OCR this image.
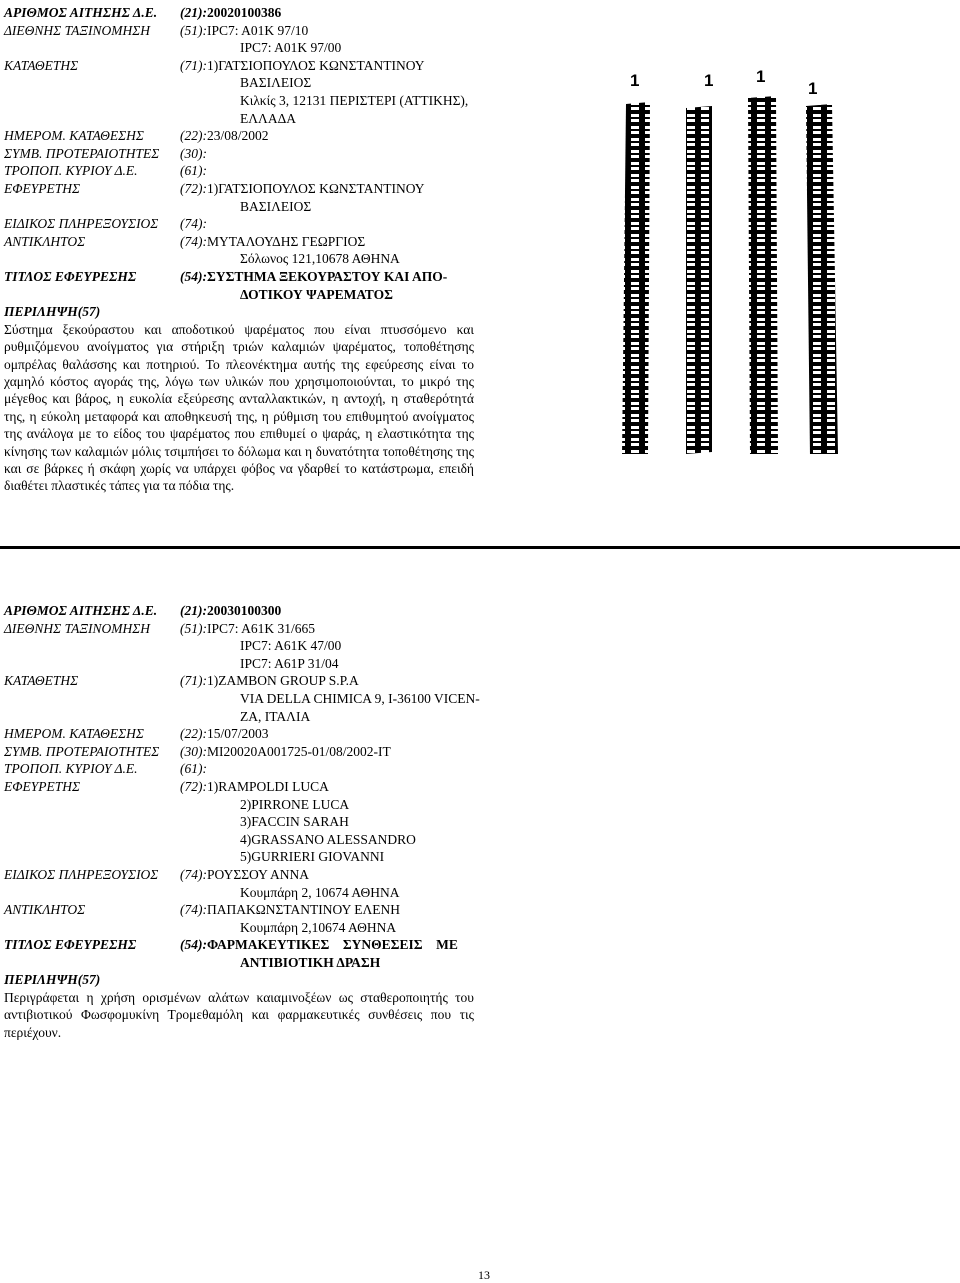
ΑΡΙΘΜΟΣ ΑΙΤΗΣΗΣ Δ.Ε. (21):20020100386
ΔΙΕΘΝΗΣ ΤΑΞΙΝΟΜΗΣΗ (51):IPC7: A01K 97/10
IPC7: A01K 97/00
ΚΑΤΑΘΕΤΗΣ	(71):1)ΓΑΤΣΙΟΠΟΥΛΟΣ ΚΩΝΣΤΑΝΤΙΝΟΥ
ΒΑΣΙΛΕΙΟΣ
Κιλκίς 3, 12131 ΠΕΡΙΣΤΕΡΙ (ΑΤΤΙΚΗΣ),
ΕΛΛΑΔΑ
ΗΜΕΡΟΜ. ΚΑΤΑΘΕΣΗΣ	(22):23/08/2002
ΣΥΜΒ. ΠΡΟΤΕΡΑΙΟΤΗΤΕΣ (30):
ΤΡΟΠΟΠ. ΚΥΡΙΟΥ Δ.Ε.	(61):
ΕΦΕΥΡΕΤΗΣ	(72):1)ΓΑΤΣΙΟΠΟΥΛΟΣ ΚΩΝΣΤΑΝΤΙΝΟΥ
ΒΑΣΙΛΕΙΟΣ
ΕΙΔΙΚΟΣ ΠΛΗΡΕΞΟΥΣΙΟΣ (74):
ΑΝΤΙΚΛΗΤΟΣ	(74):ΜΥΤΑΛΟΥΔΗΣ ΓΕΩΡΓΙΟΣ
Σόλωνος 121,10678 ΑΘΗΝΑ
ΤΙΤΛΟΣ ΕΦΕΥΡΕΣΗΣ	(54):ΣΥΣΤΗΜΑ ΞΕΚΟΥΡΑΣΤΟΥ ΚΑΙ ΑΠΟ-
ΔΟΤΙΚΟΥ ΨΑΡΕΜΑΤΟΣ
ΠΕΡΙΛΗΨΗ(57)

Σύστημα ξεκούραστου και αποδοτικού ψαρέματος που είναι πτυσσόμενο και ρυθμιζόμενου ανοίγματος για στήριξη τριών καλαμιών ψαρέματος, τοποθέτησης ομπρέλας θαλάσσης και ποτηριού. Το πλεονέκτημα αυτής της εφεύρεσης είναι το χαμηλό κόστος αγοράς της, λόγω των υλικών που χρησιμοποιούνται, το μικρό της μέγεθος και βάρος, η ευκολία εξεύρεσης ανταλλακτικών, η αντοχή, η σταθερότητά της, η εύκολη μεταφορά και αποθηκευσή της, η ρύθμιση του επιθυμητού ανοίγματος της ανάλογα με το είδος του ψαρέματος που επιθυμεί ο ψαράς, η ελαστικότητα της κίνησης των καλαμιών μόλις τσιμπήσει το δόλωμα και η δυνατότητα τοποθέτησης της και σε βάρκες ή σκάφη χωρίς να υπάρχει φόβος να γδαρθεί το κατάστρωμα, επειδή διαθέτει πλαστικές τάπες για τα πόδια της.

1	1	1
1
ΑΡΙΘΜΟΣ ΑΙΤΗΣΗΣ Δ.Ε. (21):20030100300
ΔΙΕΘΝΗΣ ΤΑΞΙΝΟΜΗΣΗ (51):IPC7: A61K 31/665
IPC7: A61K 47/00
IPC7: A61P 31/04
ΚΑΤΑΘΕΤΗΣ	(71):1)ZAMBON GROUP S.P.A
VIA DELLA CHIMICA 9, I-36100 VICEN-
ZA, ΙΤΑΛΙΑ
ΗΜΕΡΟΜ. ΚΑΤΑΘΕΣΗΣ	(22):15/07/2003
ΣΥΜΒ. ΠΡΟΤΕΡΑΙΟΤΗΤΕΣ (30):MI20020A001725-01/08/2002-IT
ΤΡΟΠΟΠ. ΚΥΡΙΟΥ Δ.Ε.	(61):
ΕΦΕΥΡΕΤΗΣ	(72):1)RAMPOLDI LUCA
2)PIRRONE LUCA
3)FACCIN SARAH
4)GRASSANO ALESSANDRO
5)GURRIERI GIOVANNI
ΕΙΔΙΚΟΣ ΠΛΗΡΕΞΟΥΣΙΟΣ (74):ΡΟΥΣΣΟΥ ΑΝΝΑ
Κουμπάρη 2, 10674 ΑΘΗΝΑ
ΑΝΤΙΚΛΗΤΟΣ	(74):ΠΑΠΑΚΩΝΣΤΑΝΤΙΝΟΥ ΕΛΕΝΗ
Κουμπάρη 2,10674 ΑΘΗΝΑ
ΤΙΤΛΟΣ ΕΦΕΥΡΕΣΗΣ	(54):ΦΑΡΜΑΚΕΥΤΙΚΕΣ    ΣΥΝΘΕΣΕΙΣ    ΜΕ
ΑΝΤΙΒΙΟΤΙΚΗ ΔΡΑΣΗ
ΠΕΡΙΛΗΨΗ(57)

Περιγράφεται η χρήση ορισμένων αλάτων καιαμινοξέων ως σταθεροποιητής του αντιβιοτικού Φωσφομυκίνη Τρομεθαμόλη και φαρμακευτικές συνθέσεις που τις περιέχουν.

13
